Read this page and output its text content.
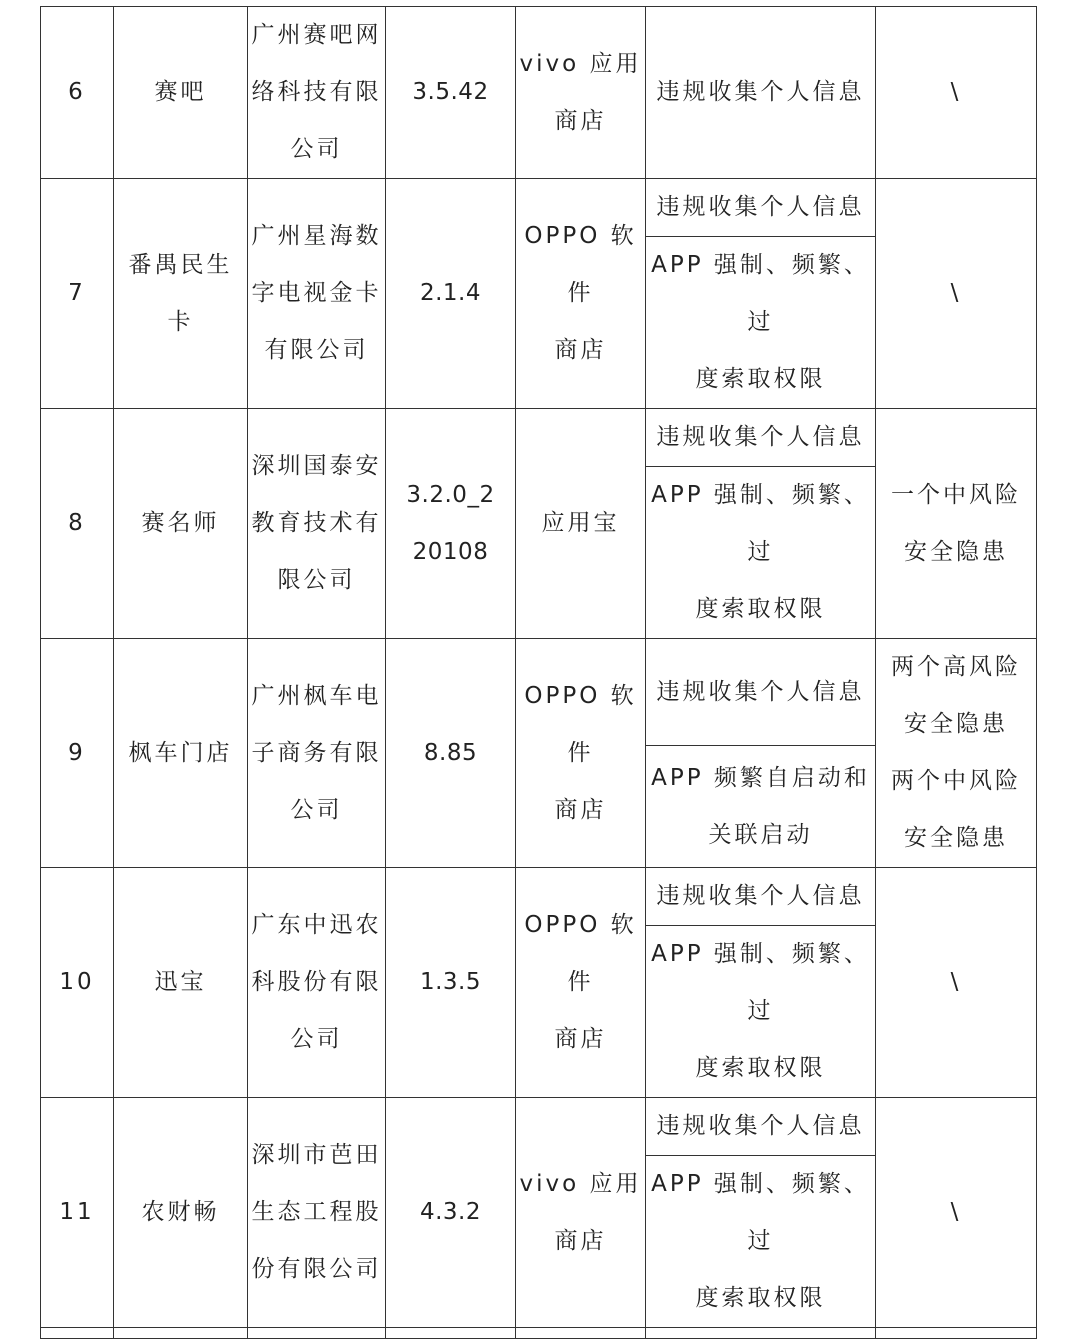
6	赛吧	广州赛吧网
络科技有限
公司	3.5.42	vivo 应用
商店	违规收集个人信息	\

7	番禺民生
卡	广州星海数
字电视金卡
有限公司	2.1.4	OPPO 软件
商店	违规收集个人信息	\

					APP 强制、频繁、过
度索取权限	

8	赛名师	深圳国泰安
教育技术有
限公司	3.2.0_2
20108	应用宝	违规收集个人信息	一个中风险
安全隐患

					APP 强制、频繁、过
度索取权限	

9	枫车门店	广州枫车电
子商务有限
公司	8.85	OPPO 软件
商店	违规收集个人信息	两个高风险
安全隐患
两个中风险
安全隐患

					APP 频繁自启动和
关联启动	

10	迅宝	广东中迅农
科股份有限
公司	1.3.5	OPPO 软件
商店	违规收集个人信息	\

					APP 强制、频繁、过
度索取权限	

11	农财畅	深圳市芭田
生态工程股
份有限公司	4.3.2	vivo 应用
商店	违规收集个人信息	\

					APP 强制、频繁、过
度索取权限	
